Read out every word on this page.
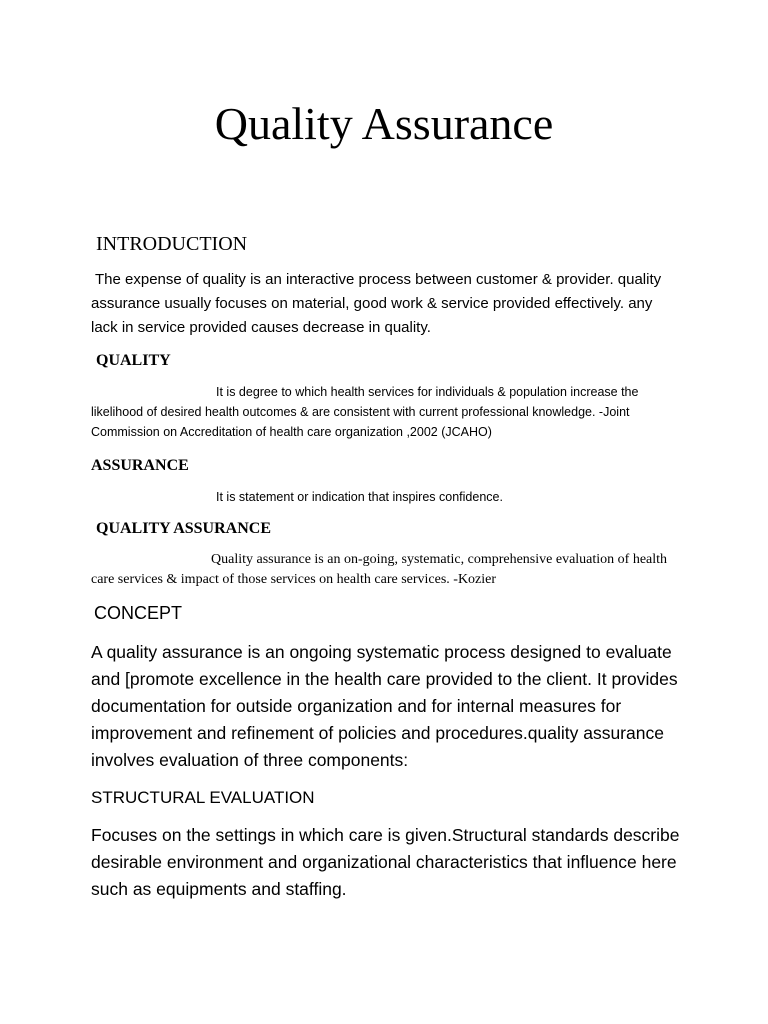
Quality Assurance
INTRODUCTION

The expense of quality is an interactive process between customer & provider. quality assurance usually focuses on material, good work & service provided effectively. any lack in service provided causes decrease in quality.

QUALITY

It is degree to which health services for individuals & population increase the likelihood of desired health outcomes & are consistent with current professional knowledge. -Joint Commission on Accreditation of health care organization ,2002 (JCAHO)

ASSURANCE

It is statement or indication that inspires confidence.

QUALITY ASSURANCE

Quality assurance is an on-going, systematic, comprehensive evaluation of health care services & impact of those services on health care services. -Kozier

CONCEPT

A quality assurance is an ongoing systematic process designed to evaluate and [promote excellence in the health care provided to the client. It provides documentation for outside organization and for internal measures for improvement and refinement of policies and procedures.quality assurance involves evaluation of three components:

STRUCTURAL EVALUATION

Focuses on the settings in which care is given.Structural standards describe desirable environment and organizational characteristics that influence here such as equipments and staffing.
